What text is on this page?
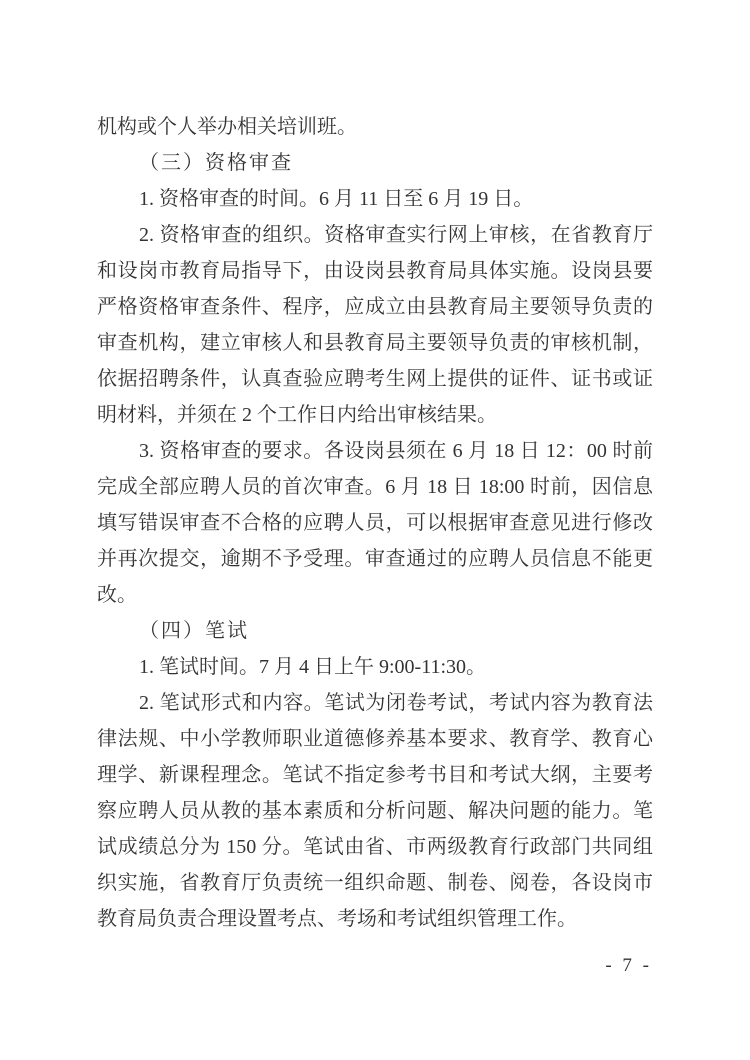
机构或个人举办相关培训班。
（三）资格审查
1. 资格审查的时间。6 月 11 日至 6 月 19 日。
2. 资格审查的组织。资格审查实行网上审核，在省教育厅
和设岗市教育局指导下，由设岗县教育局具体实施。设岗县要
严格资格审查条件、程序，应成立由县教育局主要领导负责的
审查机构，建立审核人和县教育局主要领导负责的审核机制，
依据招聘条件，认真查验应聘考生网上提供的证件、证书或证
明材料，并须在 2 个工作日内给出审核结果。
3. 资格审查的要求。各设岗县须在 6 月 18 日 12：00 时前
完成全部应聘人员的首次审查。6 月 18 日 18:00 时前，因信息
填写错误审查不合格的应聘人员，可以根据审查意见进行修改
并再次提交，逾期不予受理。审查通过的应聘人员信息不能更
改。
（四）笔试
1. 笔试时间。7 月 4 日上午 9:00-11:30。
2. 笔试形式和内容。笔试为闭卷考试，考试内容为教育法
律法规、中小学教师职业道德修养基本要求、教育学、教育心
理学、新课程理念。笔试不指定参考书目和考试大纲，主要考
察应聘人员从教的基本素质和分析问题、解决问题的能力。笔
试成绩总分为 150 分。笔试由省、市两级教育行政部门共同组
织实施，省教育厅负责统一组织命题、制卷、阅卷，各设岗市
教育局负责合理设置考点、考场和考试组织管理工作。
- 7 -
